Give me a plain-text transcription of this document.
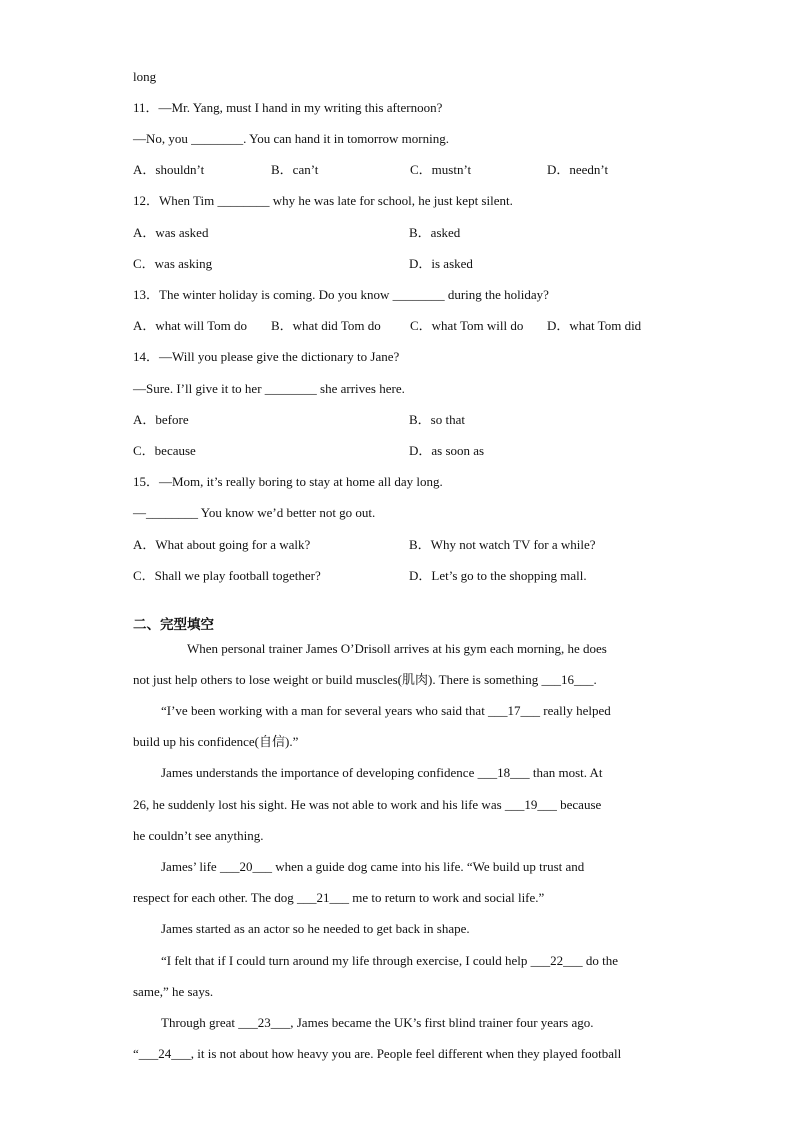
long
11．—Mr. Yang, must I hand in my writing this afternoon?
—No, you ________. You can hand it in tomorrow morning.
A．shouldn’t	B．can’t	C．mustn’t	D．needn’t
12．When Tim ________ why he was late for school, he just kept silent.
A．was asked	B．asked
C．was asking	D．is asked
13．The winter holiday is coming. Do you know ________ during the holiday?
A．what will Tom do B．what did Tom do C．what Tom will do D．what Tom did
14．—Will you please give the dictionary to Jane?
—Sure. I’ll give it to her ________ she arrives here.
A．before	B．so that
C．because	D．as soon as
15．—Mom, it’s really boring to stay at home all day long.
—________ You know we’d better not go out.
A．What about going for a walk?	B．Why not watch TV for a while?
C．Shall we play football together?	D．Let’s go to the shopping mall.
二、完型填空
When personal trainer James O’Drisoll arrives at his gym each morning, he does
not just help others to lose weight or build muscles(肌肉). There is something ___16___.
“I’ve been working with a man for several years who said that ___17___ really helped
build up his confidence(自信).”
James understands the importance of developing confidence ___18___ than most. At
26, he suddenly lost his sight. He was not able to work and his life was ___19___ because
he couldn’t see anything.
James’ life ___20___ when a guide dog came into his life. “We build up trust and
respect for each other. The dog ___21___ me to return to work and social life.”
James started as an actor so he needed to get back in shape.
“I felt that if I could turn around my life through exercise, I could help ___22___ do the
same,” he says.
Through great ___23___, James became the UK’s first blind trainer four years ago.
“___24___, it is not about how heavy you are. People feel different when they played football
